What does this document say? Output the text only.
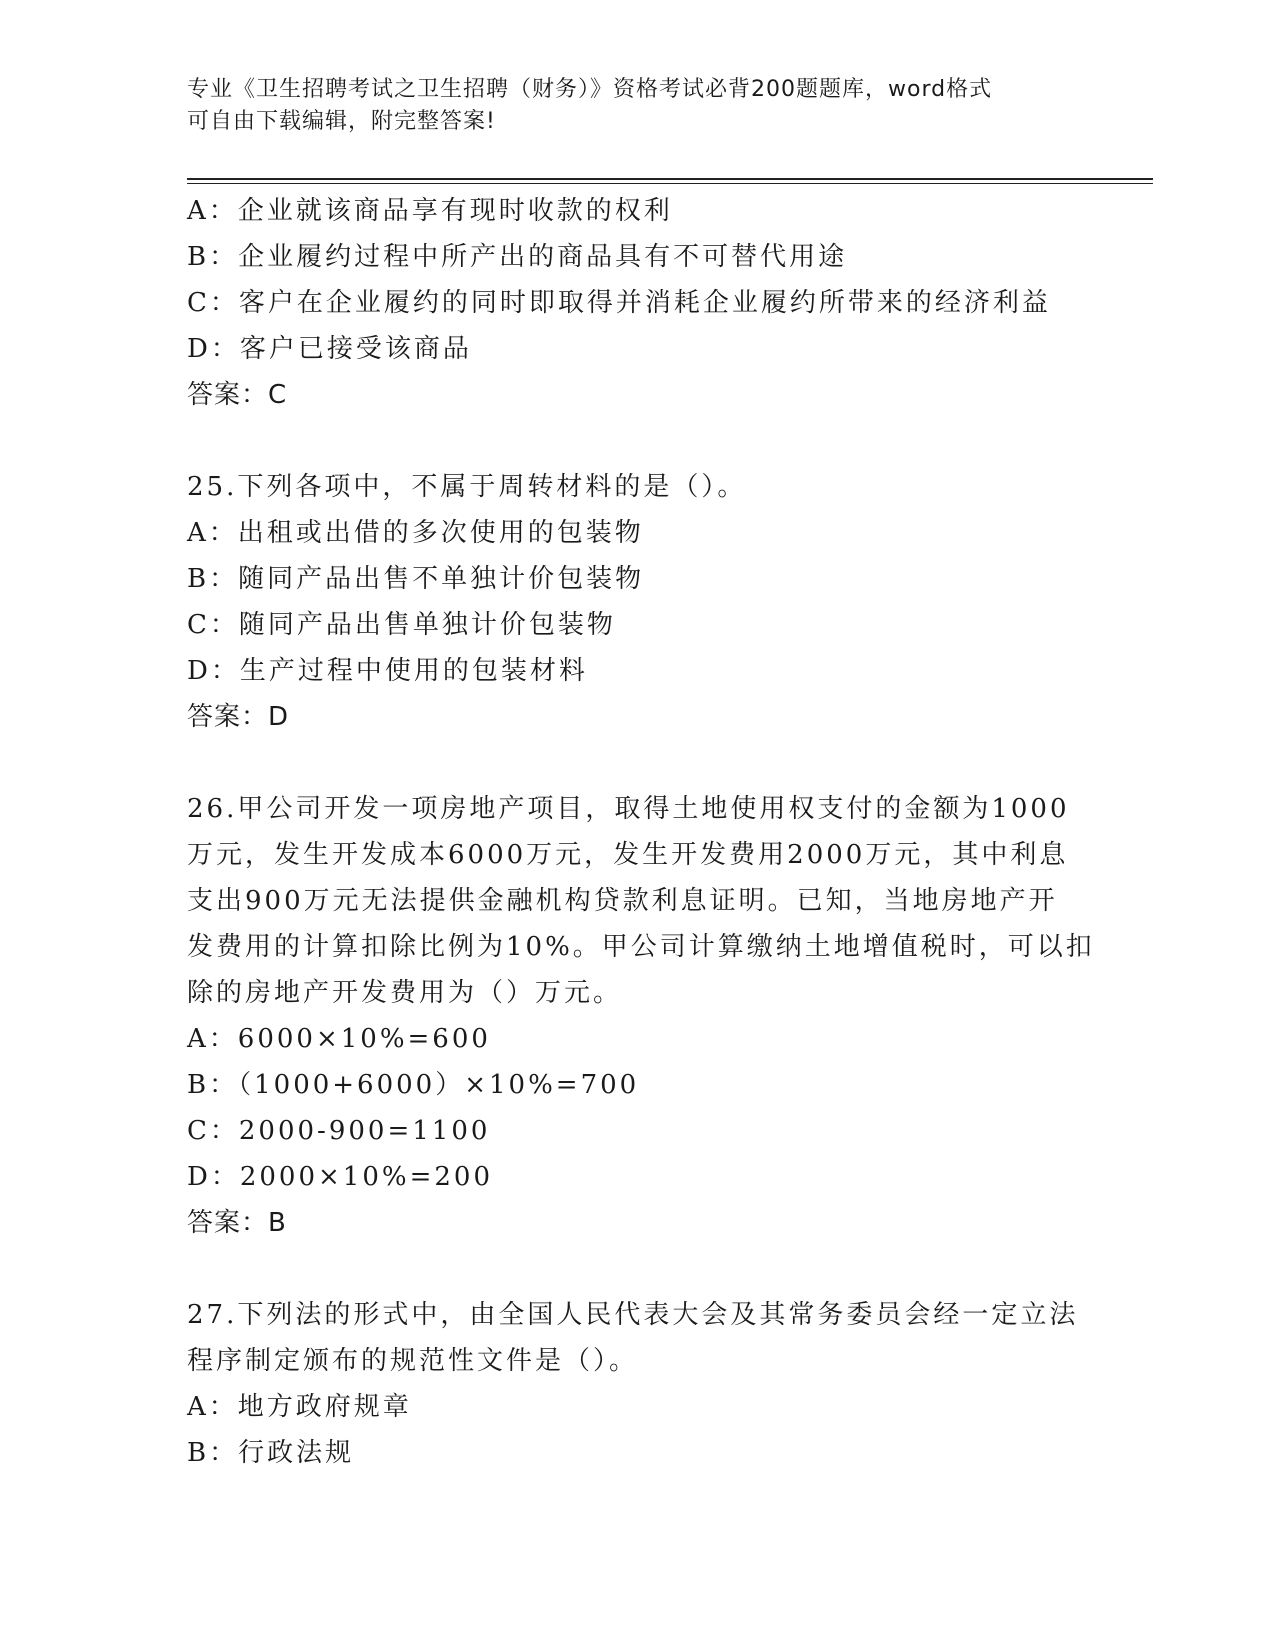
专业《卫生招聘考试之卫生招聘（财务）》资格考试必背200题题库，word格式
可自由下载编辑，附完整答案!
A：企业就该商品享有现时收款的权利
B：企业履约过程中所产出的商品具有不可替代用途
C：客户在企业履约的同时即取得并消耗企业履约所带来的经济利益
D：客户已接受该商品
答案：C
25.下列各项中，不属于周转材料的是（）。
A：出租或出借的多次使用的包装物
B：随同产品出售不单独计价包装物
C：随同产品出售单独计价包装物
D：生产过程中使用的包装材料
答案：D
26.甲公司开发一项房地产项目，取得土地使用权支付的金额为1000
万元，发生开发成本6000万元，发生开发费用2000万元，其中利息
支出900万元无法提供金融机构贷款利息证明。已知，当地房地产开
发费用的计算扣除比例为10%。甲公司计算缴纳土地增值税时，可以扣
除的房地产开发费用为（）万元。
A：6000×10%=600
B：（1000+6000）×10%=700
C：2000-900=1100
D：2000×10%=200
答案：B
27.下列法的形式中，由全国人民代表大会及其常务委员会经一定立法
程序制定颁布的规范性文件是（）。
A：地方政府规章
B：行政法规
